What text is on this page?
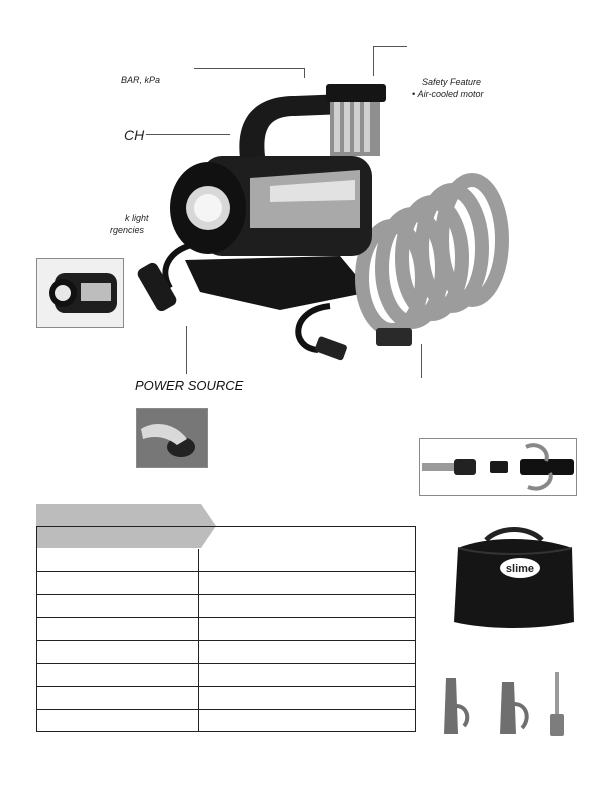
BAR, kPa	Safety Feature
• Air-cooled motor
CH
k light
rgencies
POWER SOURCE
slime
